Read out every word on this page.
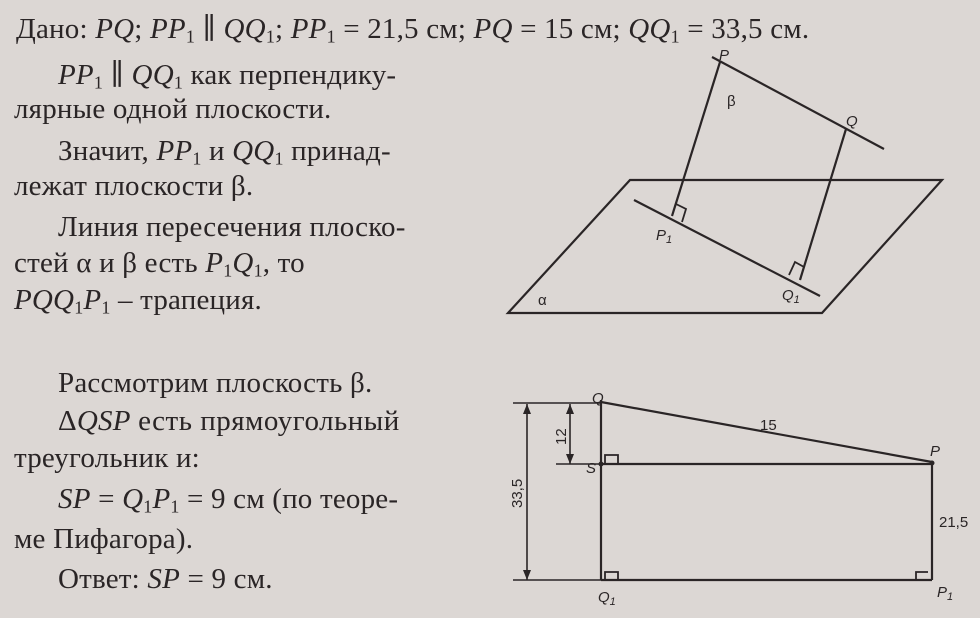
Дано: PQ; $PP_1$ ∥ $QQ_1$; $PP_1 = 21,5$ см; PQ = 15 см; $QQ_1 = 33,5$ см.
$PP_1$ ∥ $QQ_1$ как перпендику-
лярные одной плоскости.
Значит, $PP_1$ и $QQ_1$ принад-
лежат плоскости β.
Линия пересечения плоско-
стей α и β есть $P_1Q_1$, то
$PQQ_1P_1$ – трапеция.
Рассмотрим плоскость β.
ΔQSP есть прямоугольный
треугольник и:
SP = $Q_1P_1 = 9$ см (по теоре-
ме Пифагора).
Ответ: SP = 9 см.
P
Q
β
$P_1$
$Q_1$
α
Q
S
P
$Q_1$
$P_1$
15
21,5
12
33,5
